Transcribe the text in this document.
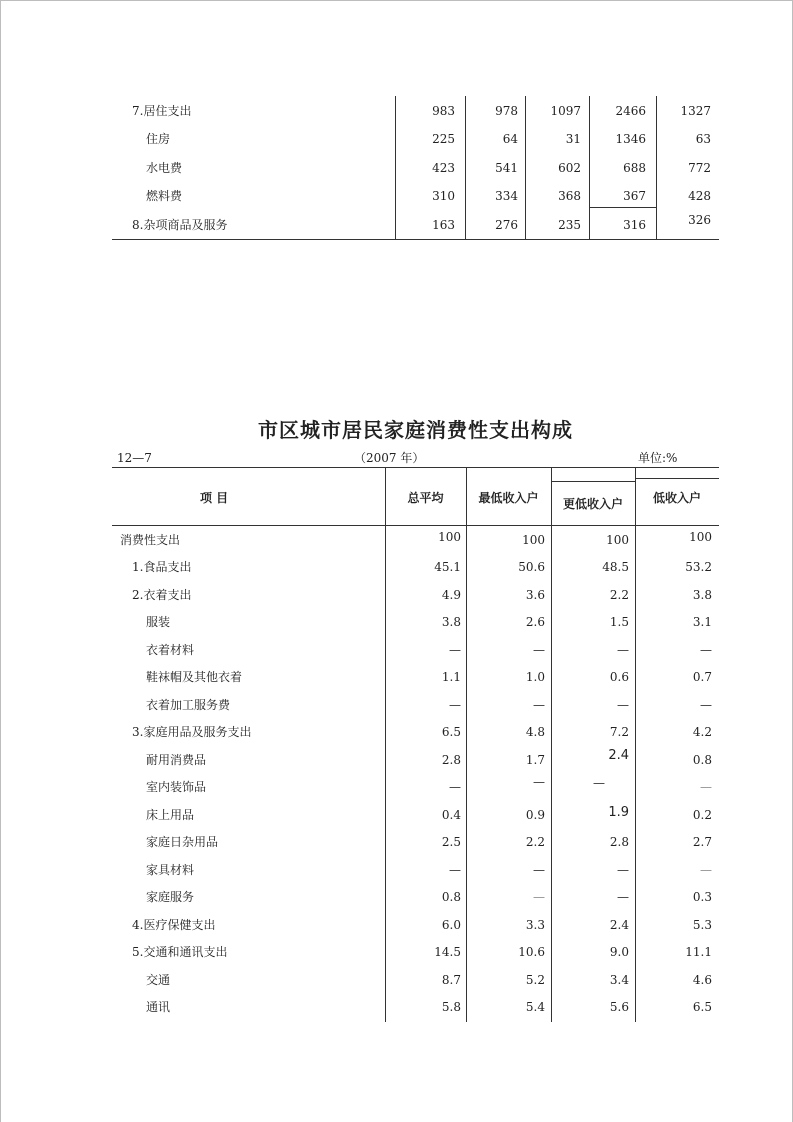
7.居住支出	983	978	1097	2466	1327
住房	225	64	31	1346	63
水电费	423	541	602	688	772
燃料费	310	334	368	367	428
8.杂项商品及服务	163	276	235	316	326
市区城市居民家庭消费性支出构成
12—7	（2007 年）	单位:%
项 目	总平均	最低收入户	更低收入户	低收入户
消费性支出	100	100	100	100
1.食品支出	45.1	50.6	48.5	53.2
2.衣着支出	4.9	3.6	2.2	3.8
服装	3.8	2.6	1.5	3.1
衣着材料	—	—	—	—
鞋袜帽及其他衣着	1.1	1.0	0.6	0.7
衣着加工服务费	—	—	—	—
3.家庭用品及服务支出	6.5	4.8	7.2	4.2
耐用消费品	2.8	1.7	2.4	0.8
室内装饰品	—	—	—	—
床上用品	0.4	0.9	1.9	0.2
家庭日杂用品	2.5	2.2	2.8	2.7
家具材料	—	—	—	—
家庭服务	0.8	—	—	0.3
4.医疗保健支出	6.0	3.3	2.4	5.3
5.交通和通讯支出	14.5	10.6	9.0	11.1
交通	8.7	5.2	3.4	4.6
通讯	5.8	5.4	5.6	6.5
